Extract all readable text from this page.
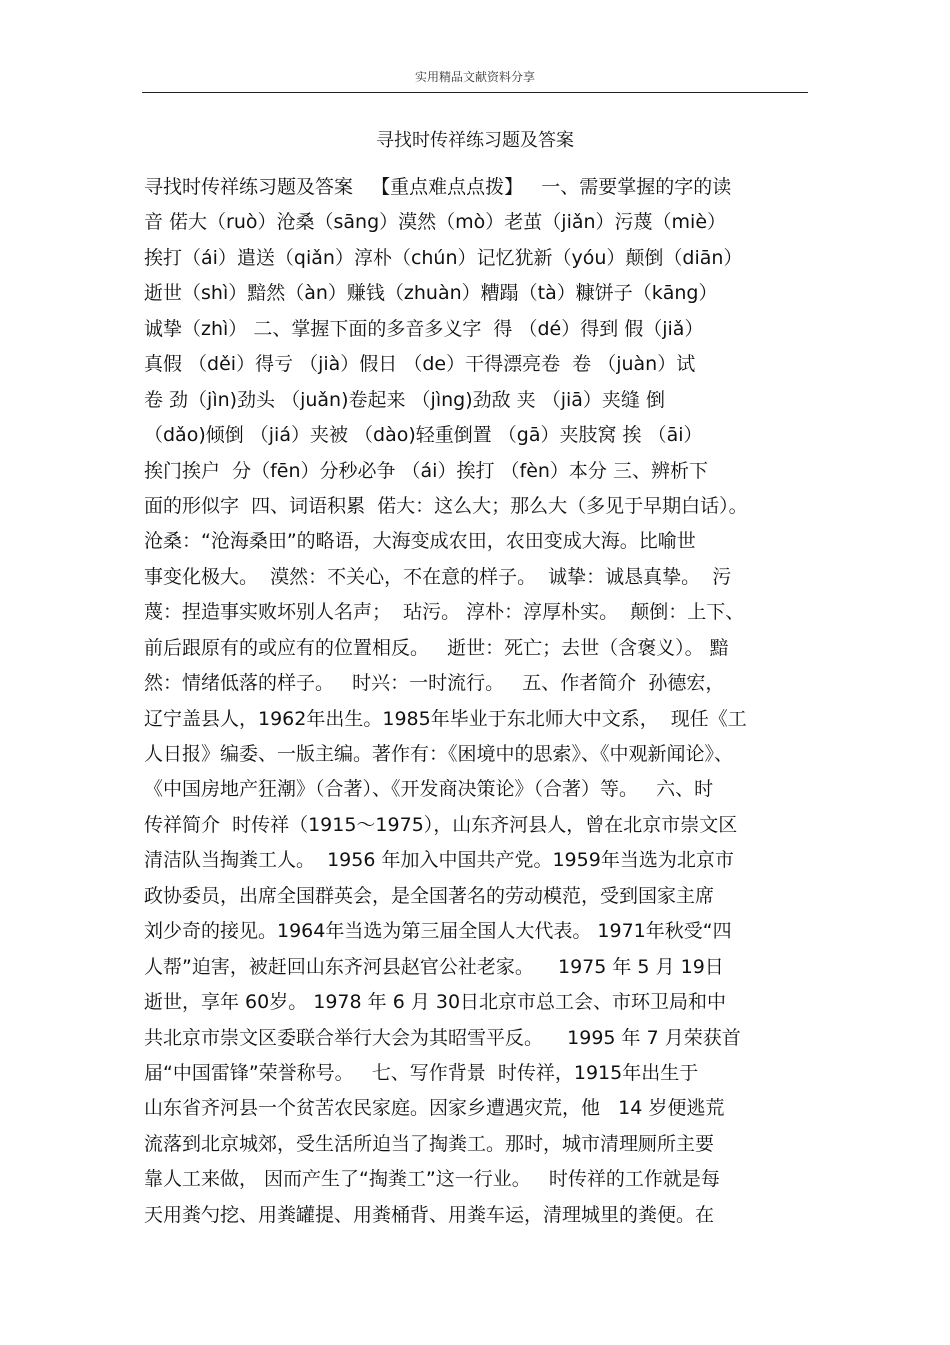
实用精品文献资料分享
寻找时传祥练习题及答案
寻找时传祥练习题及答案   【重点难点点拨】   一、需要掌握的字的读
音 偌大（ruò）沧桑（sāng）漠然（mò）老茧（jiǎn）污蔑（miè）
挨打（ái）遣送（qiǎn）淳朴（chún）记忆犹新（yóu）颠倒（diān）
逝世（shì）黯然（àn）赚钱（zhuàn）糟蹋（tà）糠饼子（kāng）
诚挚（zhì） 二、掌握下面的多音多义字  得 （dé）得到 假（jiǎ）
真假 （děi）得亏 （jià）假日 （de）干得漂亮卷  卷 （juàn）试
卷 劲（jìn)劲头 （juǎn)卷起来 （jìng)劲敌 夹 （jiā）夹缝 倒
（dǎo)倾倒 （jiá）夹被 （dào)轻重倒置 （gā）夹肢窝 挨 （āi）
挨门挨户  分（fēn）分秒必争 （ái）挨打 （fèn）本分 三、辨析下
面的形似字  四、词语积累  偌大：这么大；那么大（多见于早期白话）。
沧桑：“沧海桑田”的略语，大海变成农田，农田变成大海。比喻世
事变化极大。  漠然：不关心，不在意的样子。  诚挚：诚恳真挚。  污
蔑：捏造事实败坏别人名声；  玷污。 淳朴：淳厚朴实。  颠倒：上下、
前后跟原有的或应有的位置相反。   逝世：死亡；去世（含褒义）。 黯
然：情绪低落的样子。   时兴：一时流行。   五、作者简介  孙德宏，
辽宁盖县人，1962年出生。1985年毕业于东北师大中文系，  现任《工
人日报》编委、一版主编。著作有：《困境中的思索》、《中观新闻论》、
《中国房地产狂潮》（合著）、《开发商决策论》（合著）等。   六、时
传祥简介  时传祥（1915～1975），山东齐河县人，曾在北京市崇文区
清洁队当掏粪工人。  1956 年加入中国共产党。1959年当选为北京市
政协委员，出席全国群英会，是全国著名的劳动模范，受到国家主席
刘少奇的接见。1964年当选为第三届全国人大代表。 1971年秋受“四
人帮”迫害，被赶回山东齐河县赵官公社老家。    1975 年 5 月 19日
逝世，享年 60岁。 1978 年 6 月 30日北京市总工会、市环卫局和中
共北京市崇文区委联合举行大会为其昭雪平反。    1995 年 7 月荣获首
届“中国雷锋”荣誉称号。   七、写作背景  时传祥，1915年出生于
山东省齐河县一个贫苦农民家庭。因家乡遭遇灾荒，他   14 岁便逃荒
流落到北京城郊，受生活所迫当了掏粪工。那时，城市清理厕所主要
靠人工来做， 因而产生了“掏粪工”这一行业。   时传祥的工作就是每
天用粪勺挖、用粪罐提、用粪桶背、用粪车运，清理城里的粪便。在
